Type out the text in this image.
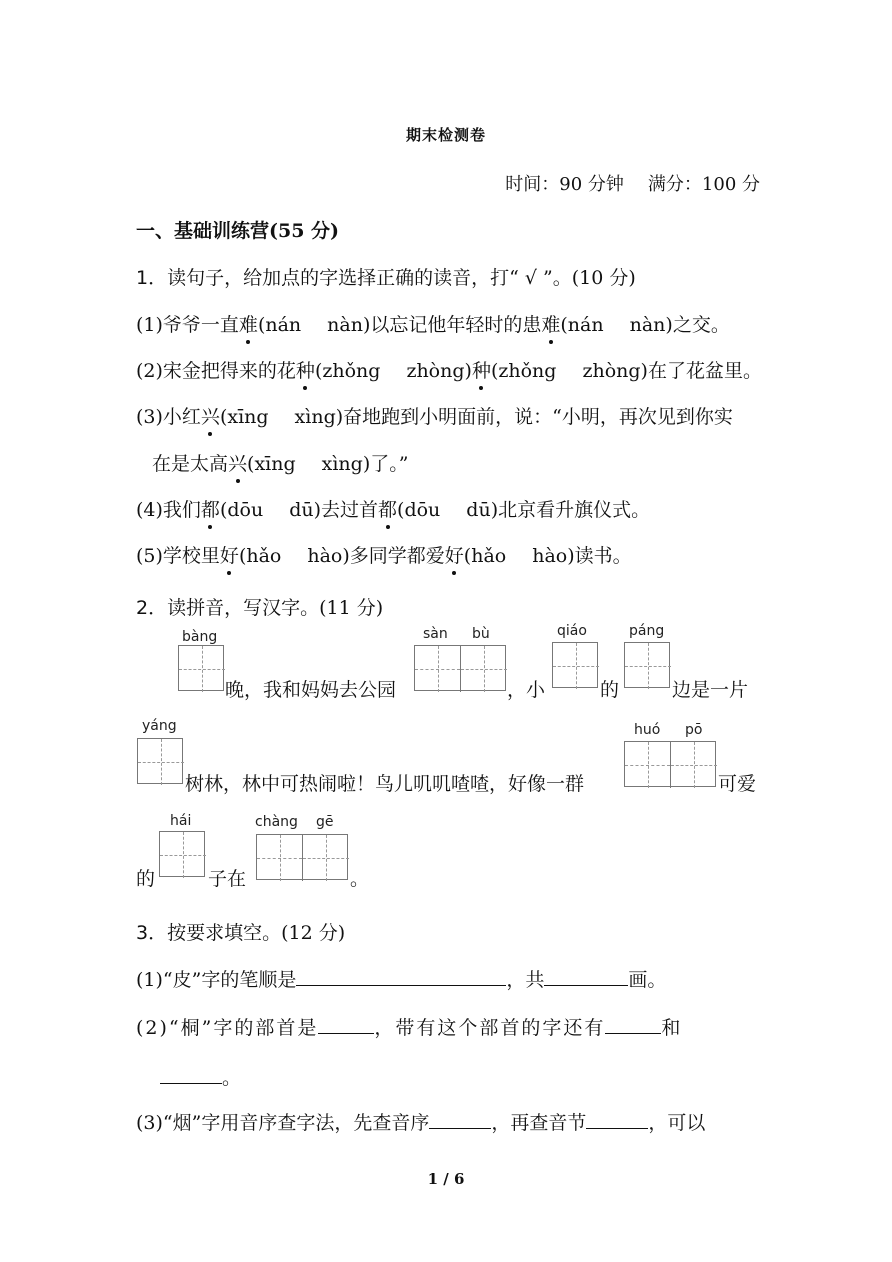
期末检测卷
时间：90 分钟 满分：100 分
一、基础训练营(55 分)
1．读句子，给加点的字选择正确的读音，打“ √ ”。(10 分)
(1)爷爷一直难(nán nàn)以忘记他年轻时的患难(nán nàn)之交。
(2)宋金把得来的花种(zhǒng zhòng)种(zhǒng zhòng)在了花盆里。
(3)小红兴(xīng xìng)奋地跑到小明面前，说：“小明，再次见到你实
在是太高兴(xīng xìng)了。”
(4)我们都(dōu dū)去过首都(dōu dū)北京看升旗仪式。
(5)学校里好(hǎo hào)多同学都爱好(hǎo hào)读书。
2．读拼音，写汉字。(11 分)
bàng
晚，我和妈妈去公园
sàn bù
，小
qiáo
的
páng
边是一片
yáng
树林，林中可热闹啦！鸟儿叽叽喳喳，好像一群
huó pō
可爱
的
hái
子在
chàng gē
。
3．按要求填空。(12 分)
(1)“皮”字的笔顺是	，共	画。
(2)“桐”字的部首是	，带有这个部首的字还有	和
。
(3)“烟”字用音序查字法，先查音序	，再查音节	，可以
1 / 6
